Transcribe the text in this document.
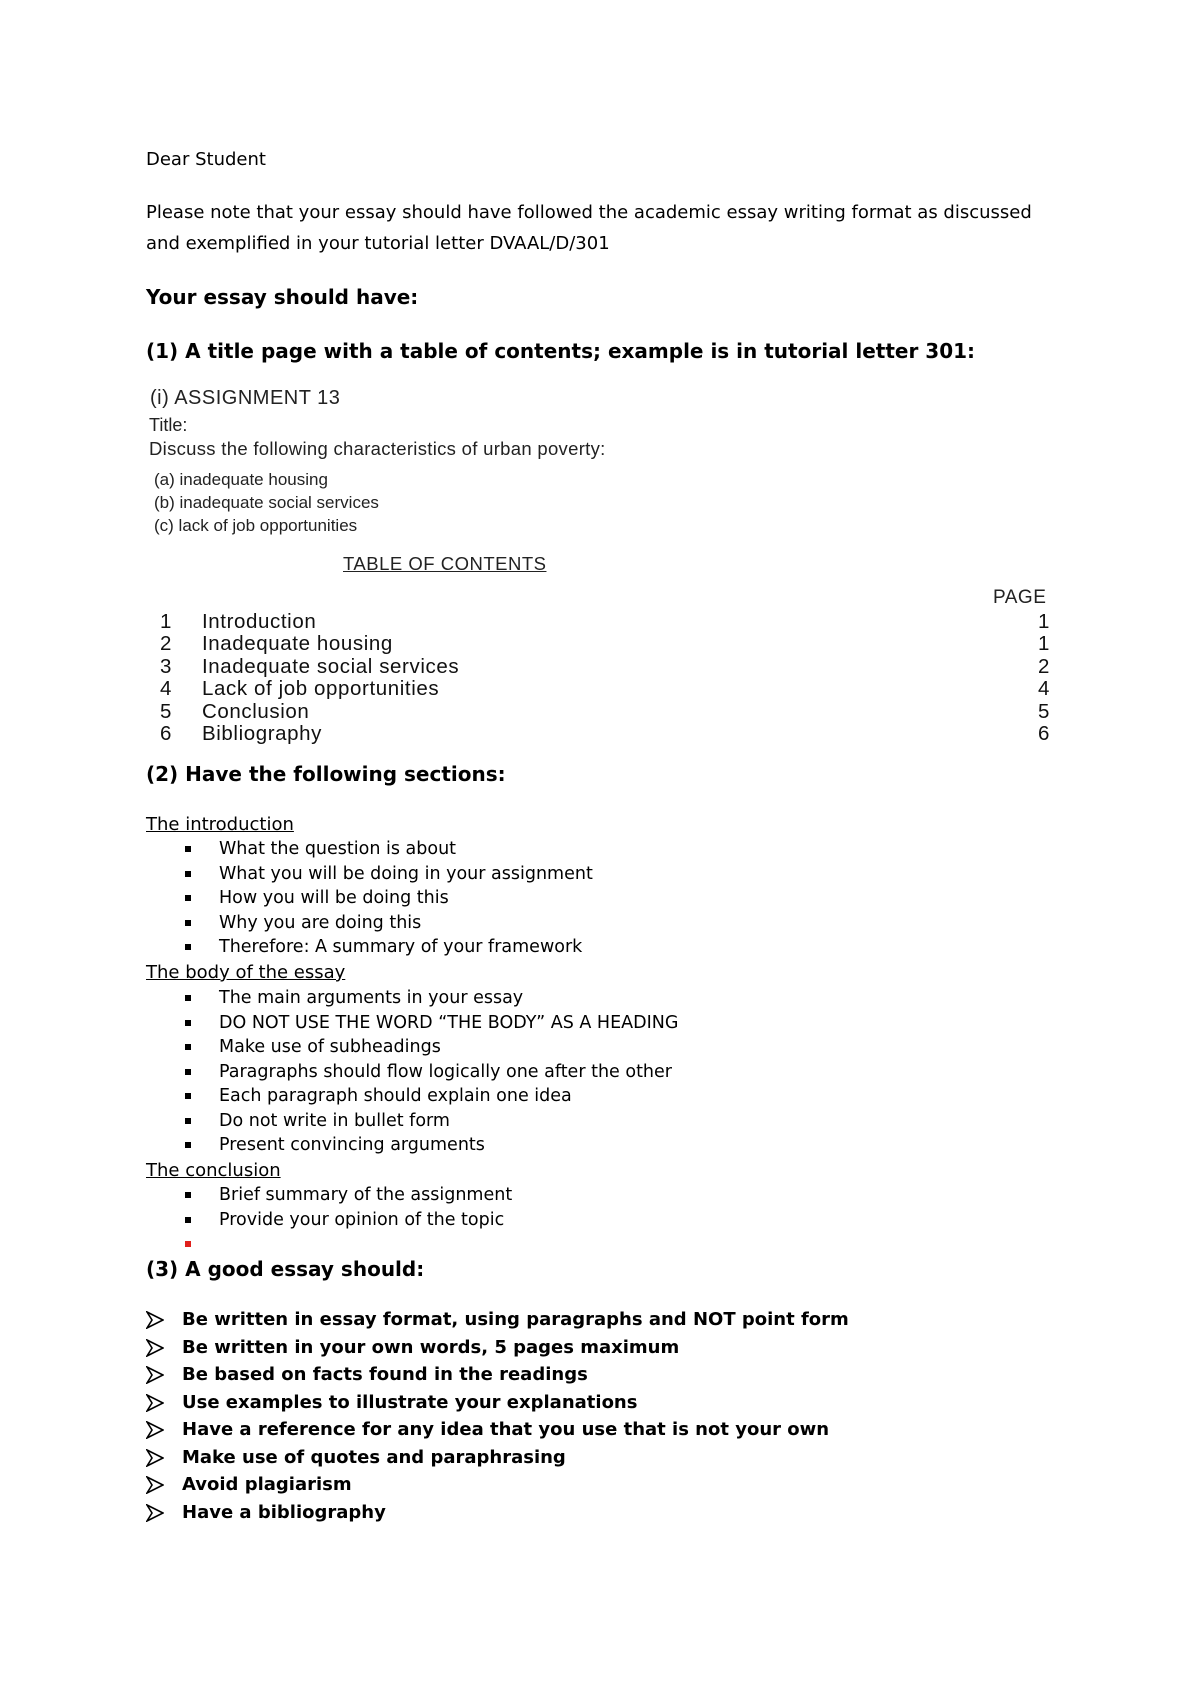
Dear Student
Please note that your essay should have followed the academic essay writing format as discussed
and exemplified in your tutorial letter DVAAL/D/301
Your essay should have:
(1) A title page with a table of contents; example is in tutorial letter 301:
(i) ASSIGNMENT 13
Title:
Discuss the following characteristics of urban poverty:
(a) inadequate housing
(b) inadequate social services
(c) lack of job opportunities
TABLE OF CONTENTS
PAGE
1 Introduction	1
2 Inadequate housing	1
3 Inadequate social services	2
4 Lack of job opportunities	4
5 Conclusion	5
6 Bibliography	6
(2) Have the following sections:
The introduction
What the question is about
What you will be doing in your assignment
How you will be doing this
Why you are doing this
Therefore: A summary of your framework
The body of the essay
The main arguments in your essay
DO NOT USE THE WORD “THE BODY” AS A HEADING
Make use of subheadings
Paragraphs should flow logically one after the other
Each paragraph should explain one idea
Do not write in bullet form
Present convincing arguments
The conclusion
Brief summary of the assignment
Provide your opinion of the topic

(3) A good essay should:
Be written in essay format, using paragraphs and NOT point form
Be written in your own words, 5 pages maximum
Be based on facts found in the readings
Use examples to illustrate your explanations
Have a reference for any idea that you use that is not your own
Make use of quotes and paraphrasing
Avoid plagiarism
Have a bibliography
